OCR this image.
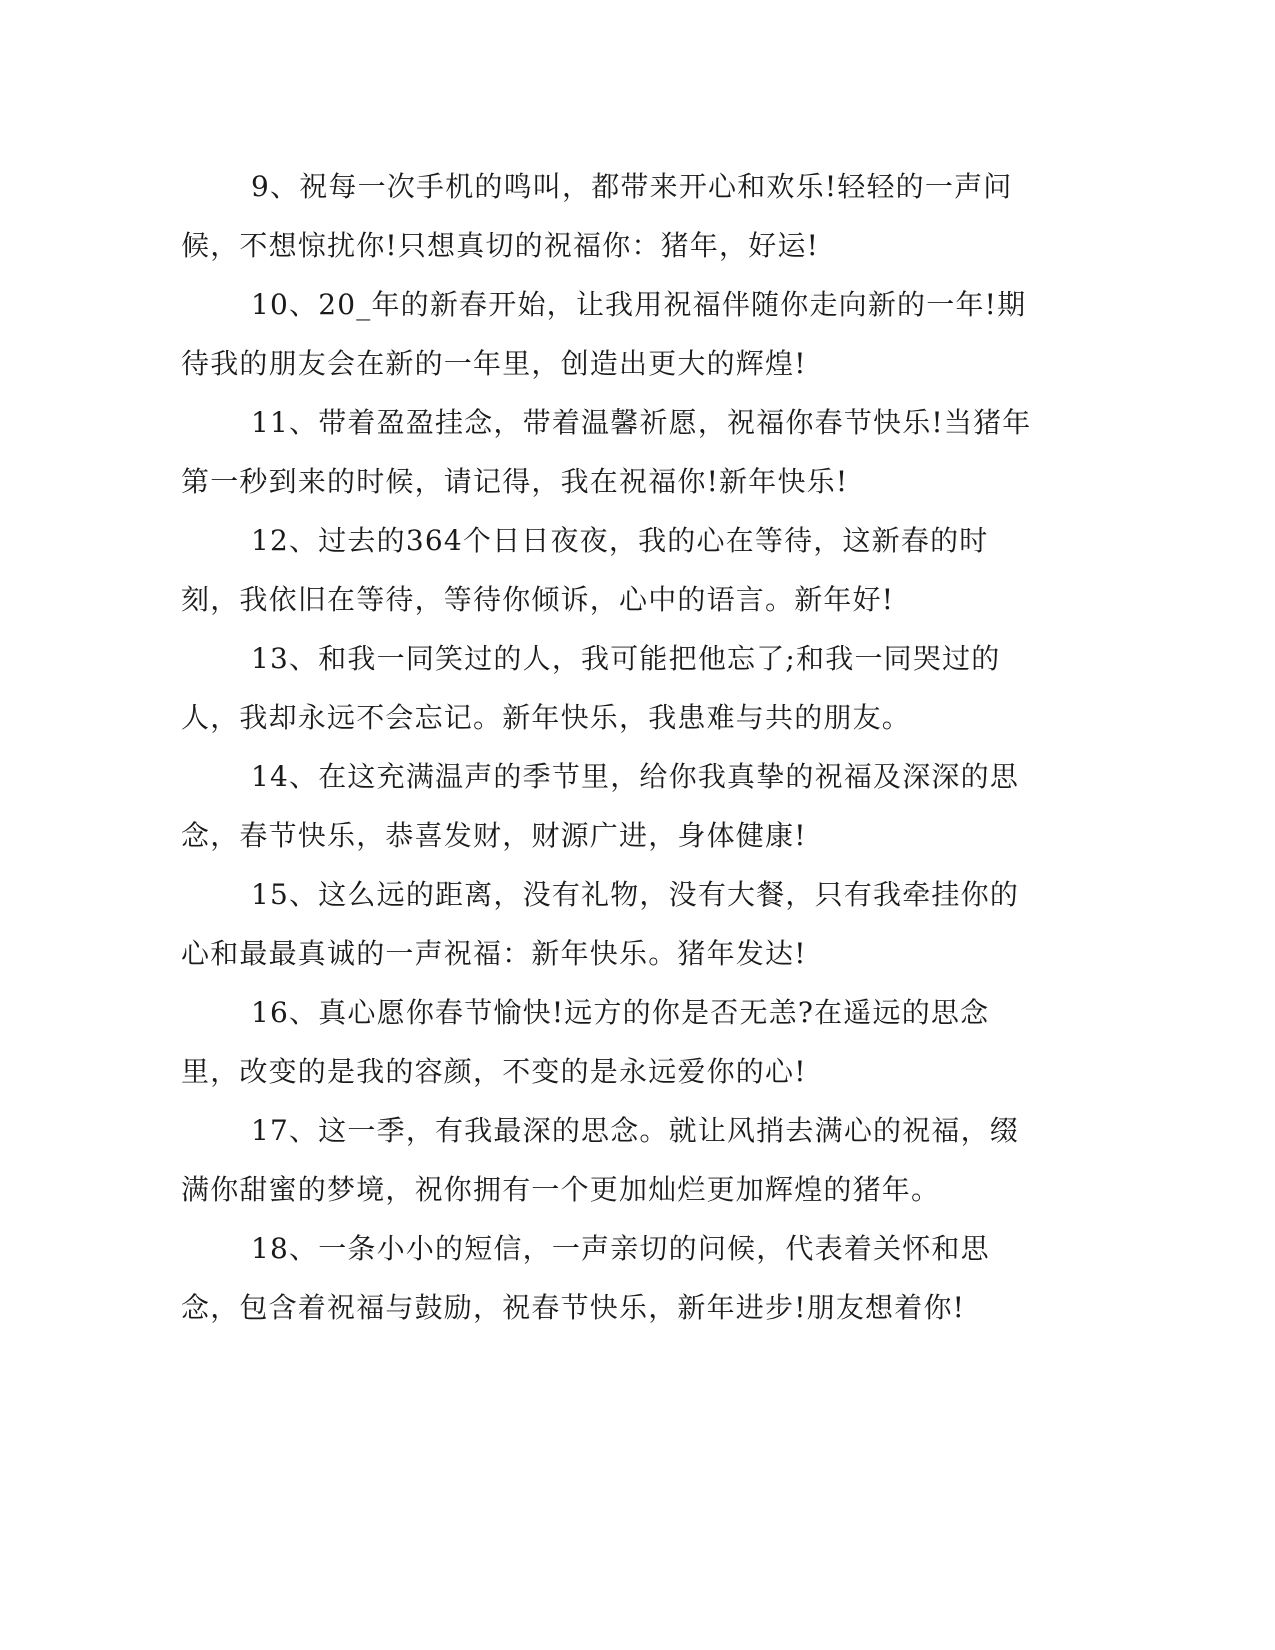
9、祝每一次手机的鸣叫，都带来开心和欢乐!轻轻的一声问候，不想惊扰你!只想真切的祝福你：猪年，好运!

10、20_年的新春开始，让我用祝福伴随你走向新的一年!期待我的朋友会在新的一年里，创造出更大的辉煌!

11、带着盈盈挂念，带着温馨祈愿，祝福你春节快乐!当猪年第一秒到来的时候，请记得，我在祝福你!新年快乐!

12、过去的364个日日夜夜，我的心在等待，这新春的时刻，我依旧在等待，等待你倾诉，心中的语言。新年好!

13、和我一同笑过的人，我可能把他忘了;和我一同哭过的人，我却永远不会忘记。新年快乐，我患难与共的朋友。

14、在这充满温声的季节里，给你我真挚的祝福及深深的思念，春节快乐，恭喜发财，财源广进，身体健康!

15、这么远的距离，没有礼物，没有大餐，只有我牵挂你的心和最最真诚的一声祝福：新年快乐。猪年发达!

16、真心愿你春节愉快!远方的你是否无恙?在遥远的思念里，改变的是我的容颜，不变的是永远爱你的心!

17、这一季，有我最深的思念。就让风捎去满心的祝福，缀满你甜蜜的梦境，祝你拥有一个更加灿烂更加辉煌的猪年。

18、一条小小的短信，一声亲切的问候，代表着关怀和思念，包含着祝福与鼓励，祝春节快乐，新年进步!朋友想着你!
